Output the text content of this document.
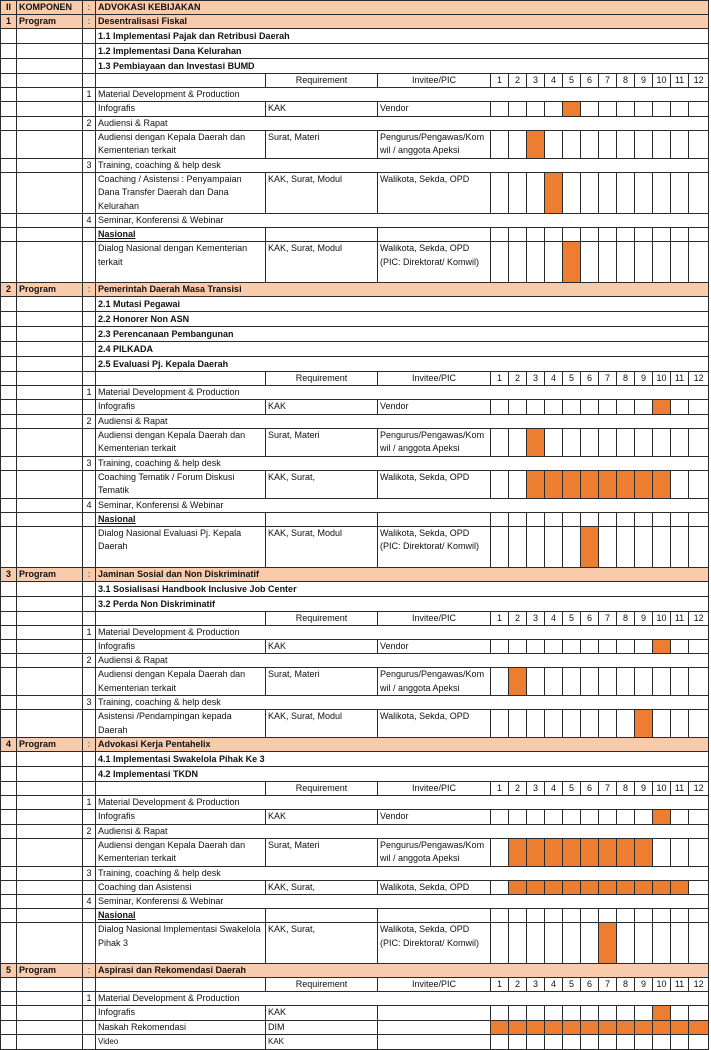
II	KOMPONEN	:	ADVOKASI KEBIJAKAN														
1	Program	:	Desentralisasi Fiskal														
			1.1 Implementasi Pajak dan Retribusi Daerah														
			1.2 Implementasi Dana Kelurahan														
			1.3 Pembiayaan dan Investasi BUMD														
				Requirement	Invitee/PIC	1	2	3	4	5	6	7	8	9	10	11	12
		1	Material Development & Production														
			Infografis	KAK	Vendor												
		2	Audiensi & Rapat														
			Audiensi dengan Kepala Daerah dan Kementerian terkait	Surat, Materi	Pengurus/Pengawas/Kom wil / anggota Apeksi												
		3	Training, coaching & help desk														
			Coaching / Asistensi : Penyampaian Dana Transfer Daerah dan Dana Kelurahan	KAK, Surat, Modul	Walikota, Sekda, OPD												
		4	Seminar, Konferensi & Webinar														
			Nasional														
			Dialog Nasional dengan Kementerian terkait	KAK, Surat, Modul	Walikota, Sekda, OPD (PIC: Direktorat/ Komwil)												
2	Program	:	Pemerintah Daerah Masa Transisi														
			2.1 Mutasi Pegawai														
			2.2 Honorer Non ASN														
			2.3 Perencanaan Pembangunan														
			2.4 PILKADA														
			2.5 Evaluasi Pj. Kepala Daerah														
				Requirement	Invitee/PIC	1	2	3	4	5	6	7	8	9	10	11	12
		1	Material Development & Production														
			Infografis	KAK	Vendor												
		2	Audiensi & Rapat														
			Audiensi dengan Kepala Daerah dan Kementerian terkait	Surat, Materi	Pengurus/Pengawas/Kom wil / anggota Apeksi												
		3	Training, coaching & help desk														
			Coaching Tematik / Forum Diskusi Tematik	KAK, Surat,	Walikota, Sekda, OPD												
		4	Seminar, Konferensi & Webinar														
			Nasional														
			Dialog Nasional Evaluasi Pj. Kepala Daerah	KAK, Surat, Modul	Walikota, Sekda, OPD (PIC: Direktorat/ Komwil)												
3	Program	:	Jaminan Sosial dan Non Diskriminatif														
			3.1 Sosialisasi Handbook Inclusive Job Center														
			3.2 Perda Non Diskriminatif														
				Requirement	Invitee/PIC	1	2	3	4	5	6	7	8	9	10	11	12
		1	Material Development & Production														
			Infografis	KAK	Vendor												
		2	Audiensi & Rapat														
			Audiensi dengan Kepala Daerah dan Kementerian terkait	Surat, Materi	Pengurus/Pengawas/Kom wil / anggota Apeksi												
		3	Training, coaching & help desk														
			Asistensi /Pendampingan kepada Daerah	KAK, Surat, Modul	Walikota, Sekda, OPD												
4	Program	:	Advokasi Kerja Pentahelix														
			4.1 Implementasi Swakelola Pihak Ke 3														
			4.2 Implementasi TKDN														
				Requirement	Invitee/PIC	1	2	3	4	5	6	7	8	9	10	11	12
		1	Material Development & Production														
			Infografis	KAK	Vendor												
		2	Audiensi & Rapat														
			Audiensi dengan Kepala Daerah dan Kementerian terkait	Surat, Materi	Pengurus/Pengawas/Kom wil / anggota Apeksi												
		3	Training, coaching & help desk														
			Coaching dan Asistensi	KAK, Surat,	Walikota, Sekda, OPD												
		4	Seminar, Konferensi & Webinar														
			Nasional														
			Dialog Nasional Implementasi Swakelola Pihak 3	KAK, Surat,	Walikota, Sekda, OPD (PIC: Direktorat/ Komwil)												
5	Program	:	Aspirasi dan Rekomendasi Daerah														
				Requirement	Invitee/PIC	1	2	3	4	5	6	7	8	9	10	11	12
		1	Material Development & Production														
			Infografis	KAK													
			Naskah Rekomendasi	DIM													
			Video	KAK													
